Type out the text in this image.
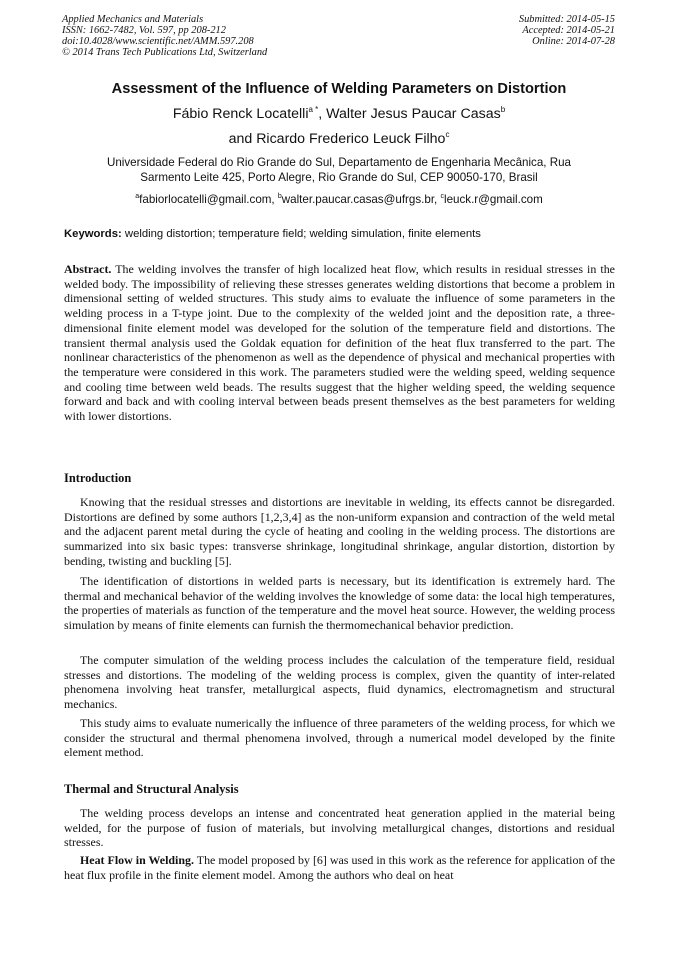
Applied Mechanics and Materials
ISSN: 1662-7482, Vol. 597, pp 208-212
doi:10.4028/www.scientific.net/AMM.597.208
© 2014 Trans Tech Publications Ltd, Switzerland
Submitted: 2014-05-15
Accepted: 2014-05-21
Online: 2014-07-28
Assessment of the Influence of Welding Parameters on Distortion
Fábio Renck Locatelli$^{a *}$, Walter Jesus Paucar Casas$^b$
and Ricardo Frederico Leuck Filho$^c$
Universidade Federal do Rio Grande do Sul, Departamento de Engenharia Mecânica, Rua
Sarmento Leite 425, Porto Alegre, Rio Grande do Sul, CEP 90050-170, Brasil
$^a$fabiorlocatelli@gmail.com, $^b$walter.paucar.casas@ufrgs.br, $^c$leuck.r@gmail.com
Keywords: welding distortion; temperature field; welding simulation, finite elements
Abstract. The welding involves the transfer of high localized heat flow, which results in residual stresses in the welded body. The impossibility of relieving these stresses generates welding distortions that become a problem in dimensional setting of welded structures. This study aims to evaluate the influence of some parameters in the welding process in a T-type joint. Due to the complexity of the welded joint and the deposition rate, a three-dimensional finite element model was developed for the solution of the temperature field and distortions. The transient thermal analysis used the Goldak equation for definition of the heat flux transferred to the part. The nonlinear characteristics of the phenomenon as well as the dependence of physical and mechanical properties with the temperature were considered in this work. The parameters studied were the welding speed, welding sequence and cooling time between weld beads. The results suggest that the higher welding speed, the welding sequence forward and back and with cooling interval between beads present themselves as the best parameters for welding with lower distortions.
Introduction
Knowing that the residual stresses and distortions are inevitable in welding, its effects cannot be disregarded. Distortions are defined by some authors [1,2,3,4] as the non-uniform expansion and contraction of the weld metal and the adjacent parent metal during the cycle of heating and cooling in the welding process. The distortions are summarized into six basic types: transverse shrinkage, longitudinal shrinkage, angular distortion, distortion by bending, twisting and buckling [5].
The identification of distortions in welded parts is necessary, but its identification is extremely hard. The thermal and mechanical behavior of the welding involves the knowledge of some data: the local high temperatures, the properties of materials as function of the temperature and the movel heat source. However, the welding process simulation by means of finite elements can furnish the thermomechanical behavior prediction.
The computer simulation of the welding process includes the calculation of the temperature field, residual stresses and distortions. The modeling of the welding process is complex, given the quantity of inter-related phenomena involving heat transfer, metallurgical aspects, fluid dynamics, electromagnetism and structural mechanics.
This study aims to evaluate numerically the influence of three parameters of the welding process, for which we consider the structural and thermal phenomena involved, through a numerical model developed by the finite element method.
Thermal and Structural Analysis
The welding process develops an intense and concentrated heat generation applied in the material being welded, for the purpose of fusion of materials, but involving metallurgical changes, distortions and residual stresses.
Heat Flow in Welding. The model proposed by [6] was used in this work as the reference for application of the heat flux profile in the finite element model. Among the authors who deal on heat
